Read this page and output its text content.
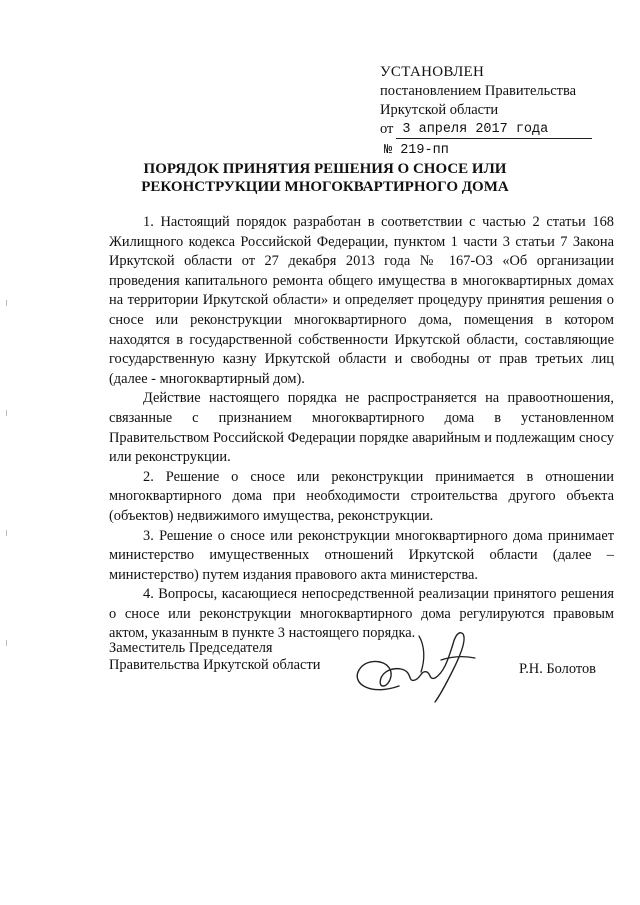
УСТАНОВЛЕН
постановлением Правительства
Иркутской области
от 3 апреля 2017 года
№ 219-пп
ПОРЯДОК ПРИНЯТИЯ РЕШЕНИЯ О СНОСЕ ИЛИ
РЕКОНСТРУКЦИИ МНОГОКВАРТИРНОГО ДОМА

1. Настоящий порядок разработан в соответствии с частью 2 статьи 168 Жилищного кодекса Российской Федерации, пунктом 1 части 3 статьи 7 Закона Иркутской области от 27 декабря 2013 года № 167-ОЗ «Об организации проведения капитального ремонта общего имущества в многоквартирных домах на территории Иркутской области» и определяет процедуру принятия решения о сносе или реконструкции многоквартирного дома, помещения в котором находятся в государственной собственности Иркутской области, составляющие государственную казну Иркутской области и свободны от прав третьих лиц (далее - многоквартирный дом).

Действие настоящего порядка не распространяется на правоотношения, связанные с признанием многоквартирного дома в установленном Правительством Российской Федерации порядке аварийным и подлежащим сносу или реконструкции.

2. Решение о сносе или реконструкции принимается в отношении многоквартирного дома при необходимости строительства другого объекта (объектов) недвижимого имущества, реконструкции.

3. Решение о сносе или реконструкции многоквартирного дома принимает министерство имущественных отношений Иркутской области (далее – министерство) путем издания правового акта министерства.

4. Вопросы, касающиеся непосредственной реализации принятого решения о сносе или реконструкции многоквартирного дома регулируются правовым актом, указанным в пункте 3 настоящего порядка.

Заместитель Председателя
Правительства Иркутской области	Р.Н. Болотов
